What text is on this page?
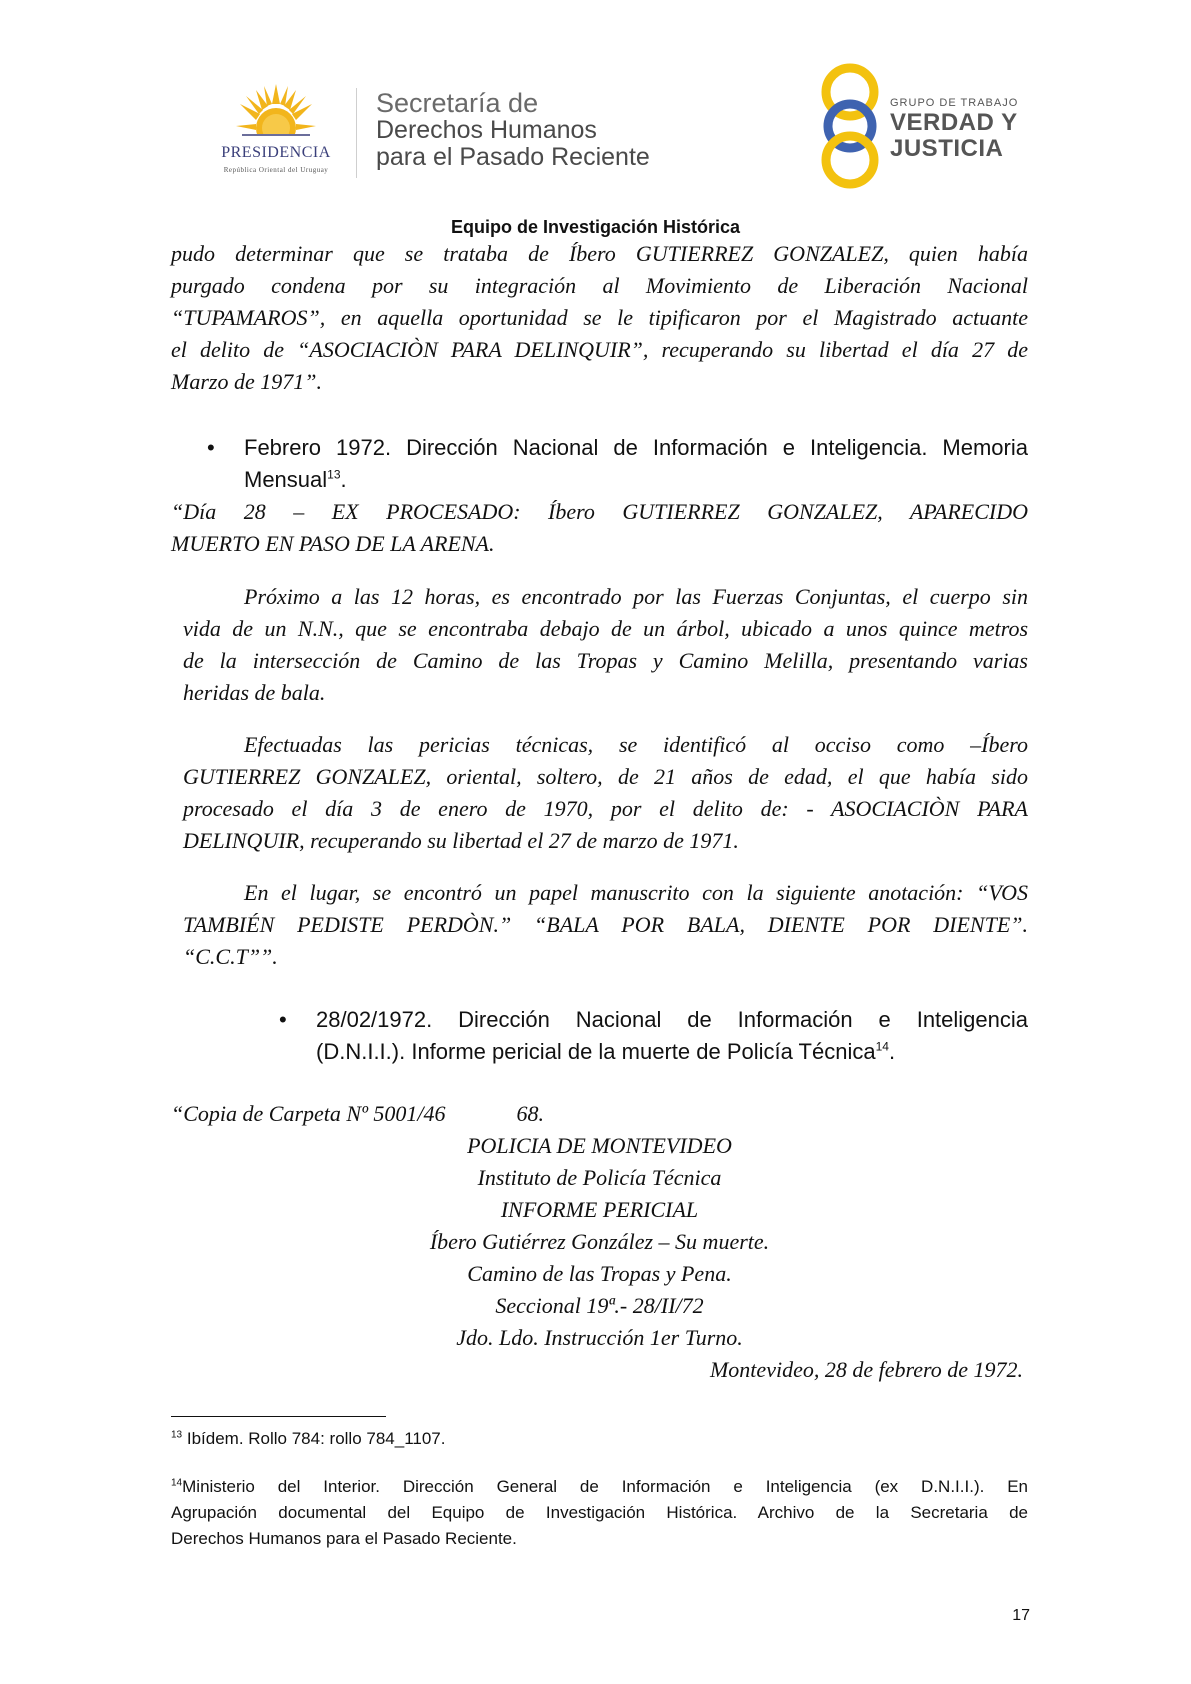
PRESIDENCIA
República Oriental del Uruguay
Secretaría de
Derechos Humanos
para el Pasado Reciente
GRUPO DE TRABAJO
VERDAD Y
JUSTICIA
Equipo de Investigación Histórica
pudo determinar que se trataba de Íbero GUTIERREZ GONZALEZ, quien había
purgado condena por su integración al Movimiento de Liberación Nacional
“TUPAMAROS”, en aquella oportunidad se le tipificaron por el Magistrado actuante
el delito de “ASOCIACIÒN PARA DELINQUIR”, recuperando su libertad el día 27 de
Marzo de 1971”.
• Febrero 1972. Dirección Nacional de Información e Inteligencia. Memoria
Mensual$^{13}$.
“Día 28 – EX PROCESADO: Íbero GUTIERREZ GONZALEZ, APARECIDO
MUERTO EN PASO DE LA ARENA.
Próximo a las 12 horas, es encontrado por las Fuerzas Conjuntas, el cuerpo sin
vida de un N.N., que se encontraba debajo de un árbol, ubicado a unos quince metros
de la intersección de Camino de las Tropas y Camino Melilla, presentando varias
heridas de bala.
Efectuadas las pericias técnicas, se identificó al occiso como –Íbero
GUTIERREZ GONZALEZ, oriental, soltero, de 21 años de edad, el que había sido
procesado el día 3 de enero de 1970, por el delito de: - ASOCIACIÒN PARA
DELINQUIR, recuperando su libertad el 27 de marzo de 1971.
En el lugar, se encontró un papel manuscrito con la siguiente anotación: “VOS
TAMBIÉN PEDISTE PERDÒN.” “BALA POR BALA, DIENTE POR DIENTE”.
“C.C.T””.
• 28/02/1972. Dirección Nacional de Información e Inteligencia
(D.N.I.I.). Informe pericial de la muerte de Policía Técnica$^{14}$.
“Copia de Carpeta Nº 5001/46	68.
POLICIA DE MONTEVIDEO
Instituto de Policía Técnica
INFORME PERICIAL
Íbero Gutiérrez González – Su muerte.
Camino de las Tropas y Pena.
Seccional 19ª.- 28/II/72
Jdo. Ldo. Instrucción 1er Turno.
Montevideo, 28 de febrero de 1972.
$^{13}$ Ibídem. Rollo 784: rollo 784_1107.
$^{14}$Ministerio del Interior. Dirección General de Información e Inteligencia (ex D.N.I.I.). En
Agrupación documental del Equipo de Investigación Histórica. Archivo de la Secretaria de
Derechos Humanos para el Pasado Reciente.
17
